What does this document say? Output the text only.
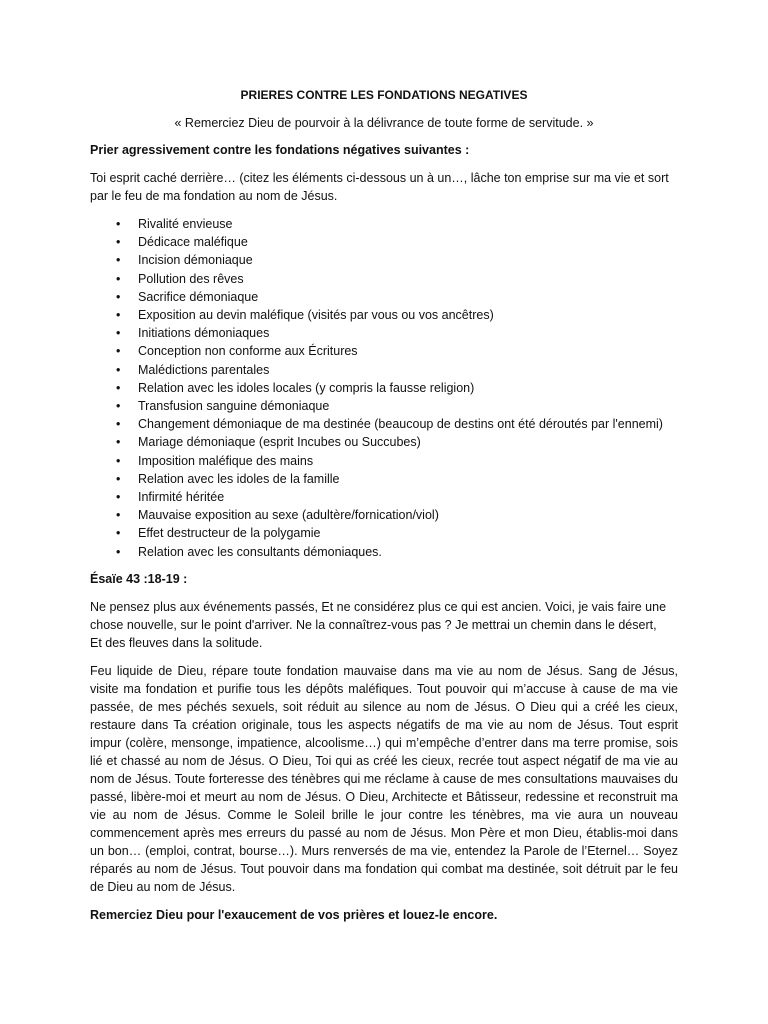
PRIERES CONTRE LES FONDATIONS NEGATIVES
« Remerciez Dieu de pourvoir à la délivrance de toute forme de servitude. »

Prier agressivement contre les fondations négatives suivantes :

Toi esprit caché derrière… (citez les éléments ci-dessous un à un…, lâche ton emprise sur ma vie et sort par le feu de ma fondation au nom de Jésus.

• Rivalité envieuse
• Dédicace maléfique
• Incision démoniaque
• Pollution des rêves
• Sacrifice démoniaque
• Exposition au devin maléfique (visités par vous ou vos ancêtres)
• Initiations démoniaques
• Conception non conforme aux Écritures
• Malédictions parentales
• Relation avec les idoles locales (y compris la fausse religion)
• Transfusion sanguine démoniaque
• Changement démoniaque de ma destinée (beaucoup de destins ont été déroutés par l'ennemi)
• Mariage démoniaque (esprit Incubes ou Succubes)
• Imposition maléfique des mains
• Relation avec les idoles de la famille
• Infirmité héritée
• Mauvaise exposition au sexe (adultère/fornication/viol)
• Effet destructeur de la polygamie
• Relation avec les consultants démoniaques.

Ésaïe 43 :18-19 :

Ne pensez plus aux événements passés, Et ne considérez plus ce qui est ancien. Voici, je vais faire une chose nouvelle, sur le point d'arriver. Ne la connaîtrez-vous pas ? Je mettrai un chemin dans le désert,

Et des fleuves dans la solitude.

Feu liquide de Dieu, répare toute fondation mauvaise dans ma vie au nom de Jésus. Sang de Jésus, visite ma fondation et purifie tous les dépôts maléfiques. Tout pouvoir qui m’accuse à cause de ma vie passée, de mes péchés sexuels, soit réduit au silence au nom de Jésus. O Dieu qui a créé les cieux, restaure dans Ta création originale, tous les aspects négatifs de ma vie au nom de Jésus. Tout esprit impur (colère, mensonge, impatience, alcoolisme…) qui m’empêche d’entrer dans ma terre promise, sois lié et chassé au nom de Jésus. O Dieu, Toi qui as créé les cieux, recrée tout aspect négatif de ma vie au nom de Jésus. Toute forteresse des ténèbres qui me réclame à cause de mes consultations mauvaises du passé, libère-moi et meurt au nom de Jésus. O Dieu, Architecte et Bâtisseur, redessine et reconstruit ma vie au nom de Jésus. Comme le Soleil brille le jour contre les ténèbres, ma vie aura un nouveau commencement après mes erreurs du passé au nom de Jésus. Mon Père et mon Dieu, établis-moi dans un bon… (emploi, contrat, bourse…). Murs renversés de ma vie, entendez la Parole de l’Eternel… Soyez réparés au nom de Jésus. Tout pouvoir dans ma fondation qui combat ma destinée, soit détruit par le feu de Dieu au nom de Jésus.

Remerciez Dieu pour l'exaucement de vos prières et louez-le encore.
